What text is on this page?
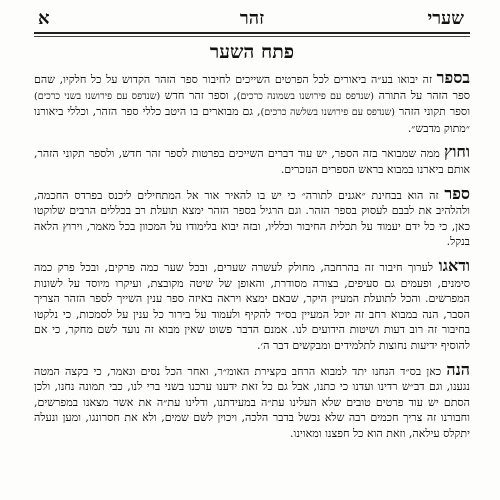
שערי
זהר
א
פתח השער

בספר זה יבואו בע״ה ביאורים לכל הפרטים השייכים לחיבור ספר הזהר הקדוש על כל חלקיו, שהם ספר הזהר על התורה (שנדפס עם פירושנו בשמונה כרכים), וספר זהר חדש (שנדפס עם פירושנו בשני כרכים) וספר תקוני הזהר (שנדפס עם פירושנו בשלשה כרכים), גם מבוארים בו היטב כללי ספר הזהר, וכללי ביאורנו ״מתוק מדבש״.

וחוץ ממה שמבואר בזה הספר, יש עוד דברים השייכים בפרטות לספר זהר חדש, ולספר תקוני הזהר, אותם ביארנו במבוא בראש הספרים הנזכרים.

ספר זה הוא בבחינת ״אגנים לתורה״ כי יש בו להאיר אור אל המתחילים ליכנס בפרדס החכמה, ולהלהיב את לבבם לעסוק בספר הזהר. וגם הרגיל בספר הזהר ימצא תועלת רב בכללים הרבים שלוקטו כאן, כי כל ידם יעמוד על תכלית החיבור וכלליו, ובזה יבוא בלימודו על המכוון בכל מאמר, וירוץ הלאה בנקל.

ודאגו לערוך חיבור זה בהרחבה, מחולק לעשרה שערים, ובכל שער כמה פרקים, ובכל פרק כמה סימנים, ופעמים גם סעיפים, בצורה מסודרת, והאופן של שיטה מקובצת, ועיקרו מיוסד על לשונות המפרשים. והכל לתועלת המעיין היקר, שבאם ימצא ויראה באיזה ספר ענין השייך לספר הזהר הצריך הסבר, הנה במבוא רחב זה יוכל המעיין בס״ד להקיף ולעמוד על בירור כל ענין על לסמכות, כי נלקטו בחיבור זה רוב דעות ושיטות הידועים לנו. אמנם הדבר פשוט שאין מבוא זה נועד לשם מחקר, כי אם להוסיף ידיעות נחוצות לתלמידים ומבקשים דבר ה׳.

הנה כאן בס״ד הנחנו יתד למבוא הרחב בקצירת האומ״ר, ואחר הכל נסים ונאמר, כי בקצה המטה נגענו, וגם דב״ש רדינו ועדנו כי כתנו, אבל גם כל זאת ידענו ערכנו בשני ברי לנו, כבי תמונה נחנו, ולכן הסתם יש עוד פרטים טובים שלא העלינו עת״ה במעידתנו, ודלינו עת״ה את אשר מצאנו במפרשים, וחבורנו זה צריך חכמים רבה שלא נכשל בדבר הלכה, ויכוין לשם שמים, ולא את חסרונגו, ומען ונעלה יתקלס עילאה, וזאת הוא כל חפצנו ומאוינו.
